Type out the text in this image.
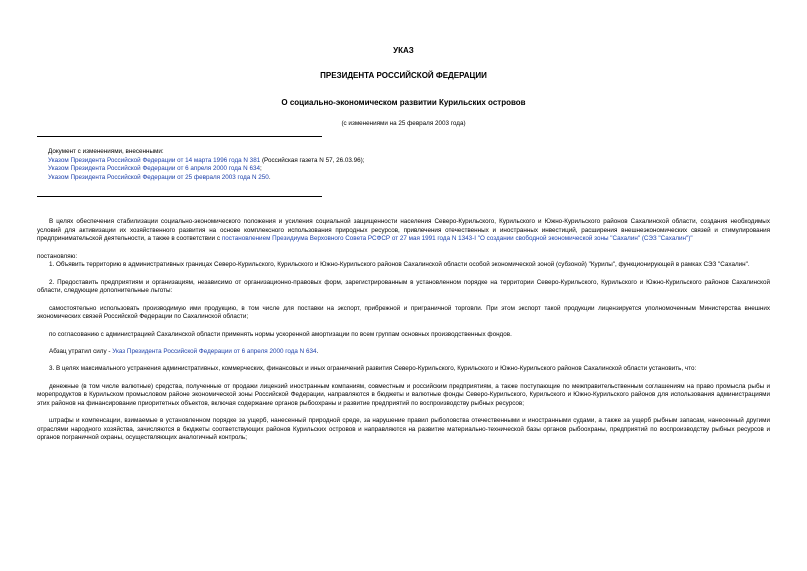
УКАЗ
ПРЕЗИДЕНТА РОССИЙСКОЙ ФЕДЕРАЦИИ
О социально-экономическом развитии Курильских островов
(с изменениями на 25 февраля 2003 года)
Документ с изменениями, внесенными:
Указом Президента Российской Федерации от 14 марта 1996 года N 381 (Российская газета N 57, 26.03.96);
Указом Президента Российской Федерации от 6 апреля 2000 года N 634;
Указом Президента Российской Федерации от 25 февраля 2003 года N 250.

В целях обеспечения стабилизации социально-экономического положения и усиления социальной защищенности населения Северо-Курильского, Курильского и Южно-Курильского районов Сахалинской области, создания необходимых условий для активизации их хозяйственного развития на основе комплексного использования природных ресурсов, привлечения отечественных и иностранных инвестиций, расширения внешнеэкономических связей и стимулирования предпринимательской деятельности, а также в соответствии с постановлением Президиума Верховного Совета РСФСР от 27 мая 1991 года N 1343-I "О создании свободной экономической зоны "Сахалин" (СЭЗ "Сахалин")"

постановляю:

1. Объявить территорию в административных границах Северо-Курильского, Курильского и Южно-Курильского районов Сахалинской области особой экономической зоной (субзоной) "Курилы", функционирующей в рамках СЭЗ "Сахалин".

2. Предоставить предприятиям и организациям, независимо от организационно-правовых форм, зарегистрированным в установленном порядке на территории Северо-Курильского, Курильского и Южно-Курильского районов Сахалинской области, следующие дополнительные льготы:

самостоятельно использовать производимую ими продукцию, в том числе для поставки на экспорт, прибрежной и приграничной торговли. При этом экспорт такой продукции лицензируется уполномоченным Министерства внешних экономических связей Российской Федерации по Сахалинской области;

по согласованию с администрацией Сахалинской области применять нормы ускоренной амортизации по всем группам основных производственных фондов.

Абзац утратил силу - Указ Президента Российской Федерации от 6 апреля 2000 года N 634.

3. В целях максимального устранения административных, коммерческих, финансовых и иных ограничений развития Северо-Курильского, Курильского и Южно-Курильского районов Сахалинской области установить, что:

денежные (в том числе валютные) средства, полученные от продажи лицензий иностранным компаниям, совместным и российским предприятиям, а также поступающие по межправительственным соглашениям на право промысла рыбы и морепродуктов в Курильском промысловом районе экономической зоны Российской Федерации, направляются в бюджеты и валютные фонды Северо-Курильского, Курильского и Южно-Курильского районов для использования администрациями этих районов на финансирование приоритетных объектов, включая содержание органов рыбоохраны и развитие предприятий по воспроизводству рыбных ресурсов;

штрафы и компенсации, взимаемые в установленном порядке за ущерб, нанесенный природной среде, за нарушение правил рыболовства отечественными и иностранными судами, а также за ущерб рыбным запасам, нанесенный другими отраслями народного хозяйства, зачисляются в бюджеты соответствующих районов Курильских островов и направляются на развитие материально-технической базы органов рыбоохраны, предприятий по воспроизводству рыбных ресурсов и органов пограничной охраны, осуществляющих аналогичный контроль;
